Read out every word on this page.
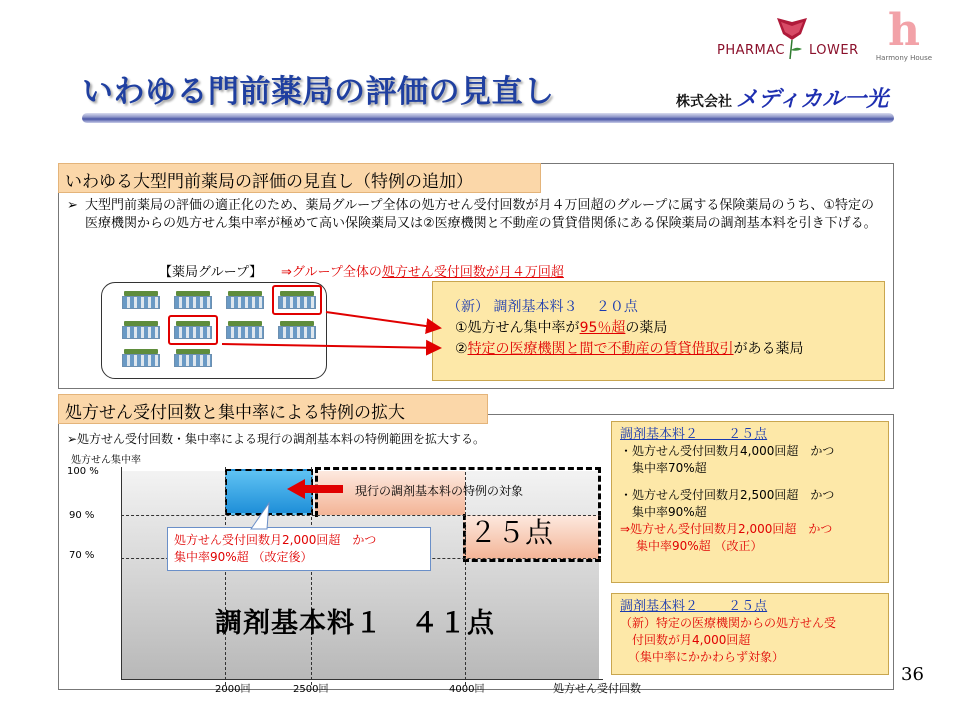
いわゆる門前薬局の評価の見直し
PHARMAC LOWER h
Harmony House
株式会社 メディカル一光
いわゆる大型門前薬局の評価の見直し（特例の追加）
➢ 大型門前薬局の評価の適正化のため、薬局グループ全体の処方せん受付回数が月４万回超のグループに属する保険薬局のうち、①特定の医療機関からの処方せん集中率が極めて高い保険薬局又は②医療機関と不動産の賃貸借関係にある保険薬局の調剤基本料を引き下げる。
【薬局グループ】 ⇒グループ全体の処方せん受付回数が月４万回超
（新） 調剤基本料３　 ２０点
①処方せん集中率が95％超の薬局
②特定の医療機関と間で不動産の賃貸借取引がある薬局
処方せん受付回数と集中率による特例の拡大
➢処方せん受付回数・集中率による現行の調剤基本料の特例範囲を拡大する。
処方せん集中率
100 %
90 %
70 %
現行の調剤基本料の特例の対象
２５点
調剤基本料１　４１点
処方せん受付回数月2,000回超　かつ
集中率90%超 （改定後）
2000回	2500回	4000回	処方せん受付回数
調剤基本料２　　 ２５点
・処方せん受付回数月4,000回超　かつ
集中率70%超
・処方せん受付回数月2,500回超　かつ
集中率90%超
⇒処方せん受付回数月2,000回超　かつ
集中率90%超 （改正）
調剤基本料２　　 ２５点
（新）特定の医療機関からの処方せん受
付回数が月4,000回超
（集中率にかかわらず対象）
36
